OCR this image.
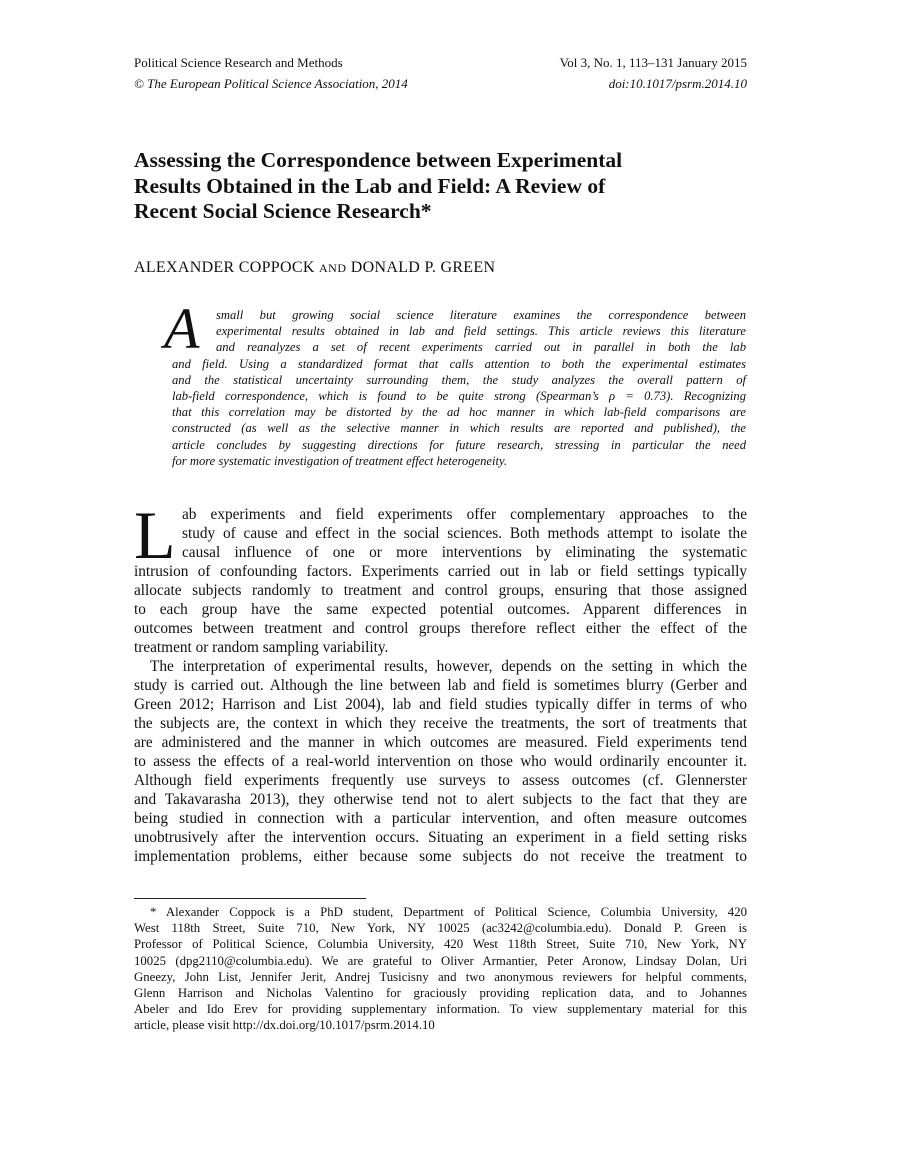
Political Science Research and Methods	Vol 3, No. 1, 113–131 January 2015
© The European Political Science Association, 2014	doi:10.1017/psrm.2014.10
Assessing the Correspondence between Experimental
Results Obtained in the Lab and Field: A Review of
Recent Social Science Research*
ALEXANDER COPPOCK AND DONALD P. GREEN
A	small but growing social science literature examines the correspondence between
experimental results obtained in lab and field settings. This article reviews this literature
and reanalyzes a set of recent experiments carried out in parallel in both the lab
and field. Using a standardized format that calls attention to both the experimental estimates
and the statistical uncertainty surrounding them, the study analyzes the overall pattern of
lab-field correspondence, which is found to be quite strong (Spearman’s ρ = 0.73). Recognizing
that this correlation may be distorted by the ad hoc manner in which lab-field comparisons are
constructed (as well as the selective manner in which results are reported and published), the
article concludes by suggesting directions for future research, stressing in particular the need
for more systematic investigation of treatment effect heterogeneity.
L ab experiments and field experiments offer complementary approaches to the
study of cause and effect in the social sciences. Both methods attempt to isolate the
causal influence of one or more interventions by eliminating the systematic
intrusion of confounding factors. Experiments carried out in lab or field settings typically
allocate subjects randomly to treatment and control groups, ensuring that those assigned
to each group have the same expected potential outcomes. Apparent differences in
outcomes between treatment and control groups therefore reflect either the effect of the
treatment or random sampling variability.
The interpretation of experimental results, however, depends on the setting in which the
study is carried out. Although the line between lab and field is sometimes blurry (Gerber and
Green 2012; Harrison and List 2004), lab and field studies typically differ in terms of who
the subjects are, the context in which they receive the treatments, the sort of treatments that
are administered and the manner in which outcomes are measured. Field experiments tend
to assess the effects of a real-world intervention on those who would ordinarily encounter it.
Although field experiments frequently use surveys to assess outcomes (cf. Glennerster
and Takavarasha 2013), they otherwise tend not to alert subjects to the fact that they are
being studied in connection with a particular intervention, and often measure outcomes
unobtrusively after the intervention occurs. Situating an experiment in a field setting risks
implementation problems, either because some subjects do not receive the treatment to
* Alexander Coppock is a PhD student, Department of Political Science, Columbia University, 420
West 118th Street, Suite 710, New York, NY 10025 (ac3242@columbia.edu). Donald P. Green is
Professor of Political Science, Columbia University, 420 West 118th Street, Suite 710, New York, NY
10025 (dpg2110@columbia.edu). We are grateful to Oliver Armantier, Peter Aronow, Lindsay Dolan, Uri
Gneezy, John List, Jennifer Jerit, Andrej Tusicisny and two anonymous reviewers for helpful comments,
Glenn Harrison and Nicholas Valentino for graciously providing replication data, and to Johannes
Abeler and Ido Erev for providing supplementary information. To view supplementary material for this
article, please visit http://dx.doi.org/10.1017/psrm.2014.10
